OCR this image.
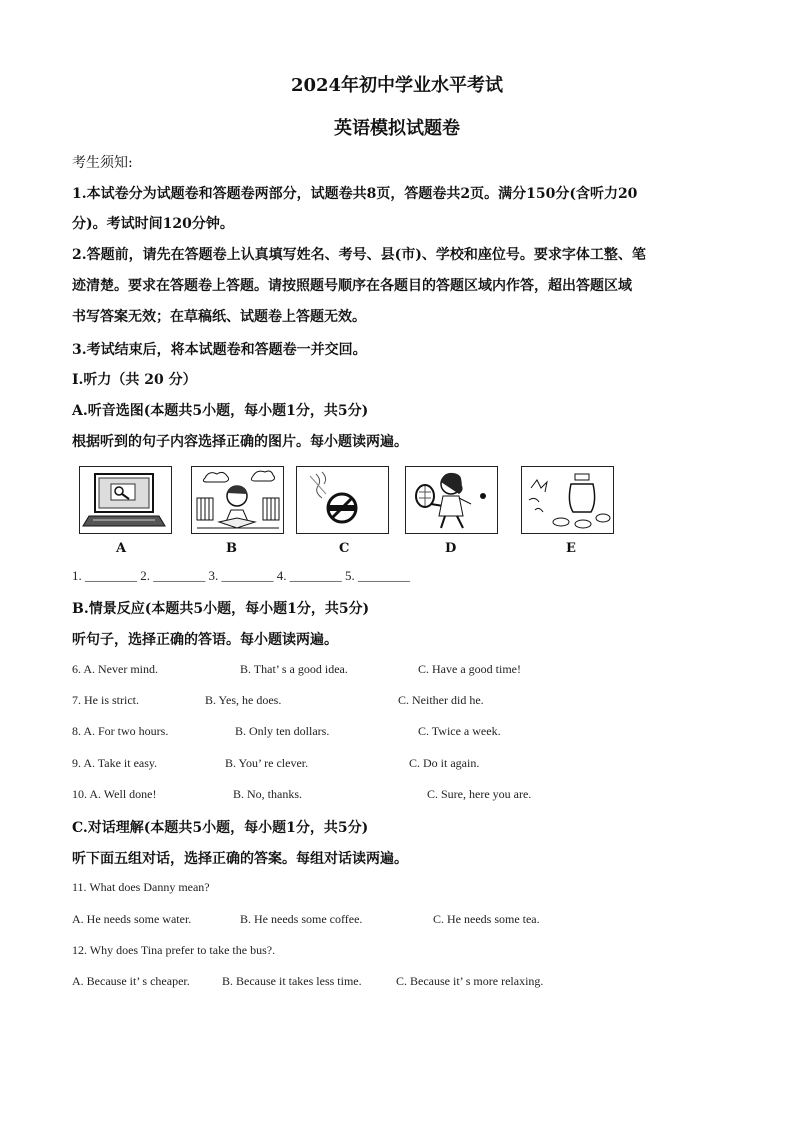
2024年初中学业水平考试
英语模拟试题卷
考生须知:
1.本试卷分为试题卷和答题卷两部分，试题卷共8页，答题卷共2页。满分150分(含听力20
分)。考试时间120分钟。
2.答题前，请先在答题卷上认真填写姓名、考号、县(市)、学校和座位号。要求字体工整、笔
迹清楚。要求在答题卷上答题。请按照题号顺序在各题目的答题区域内作答，超出答题区域
书写答案无效；在草稿纸、试题卷上答题无效。
3.考试结束后，将本试题卷和答题卷一并交回。
Ⅰ.听力（共 20 分）
A.听音选图(本题共5小题，每小题1分，共5分)
根据听到的句子内容选择正确的图片。每小题读两遍。
A	B	C	D	E
1. ________ 2. ________ 3. ________ 4. ________ 5. ________
B.情景反应(本题共5小题，每小题1分，共5分)
听句子，选择正确的答语。每小题读两遍。
6. A. Never mind.	B. That’ s a good idea.	C. Have a good time!
7. He is strict.	B. Yes, he does.	C. Neither did he.
8. A. For two hours.	B. Only ten dollars.	C. Twice a week.
9. A. Take it easy.	B. You’ re clever.	C. Do it again.
10. A. Well done!	B. No, thanks.	C. Sure, here you are.
C.对话理解(本题共5小题，每小题1分，共5分)
听下面五组对话，选择正确的答案。每组对话读两遍。
11. What does Danny mean?
A. He needs some water.	B. He needs some coffee.	C. He needs some tea.
12. Why does Tina prefer to take the bus?.
A. Because it’ s cheaper.	B. Because it takes less time.	C. Because it’ s more relaxing.
